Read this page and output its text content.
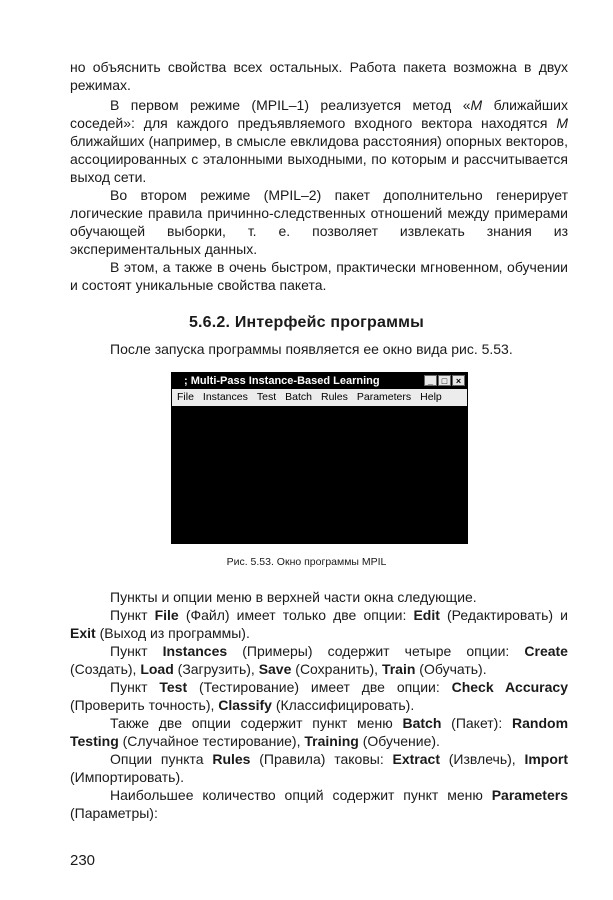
но объяснить свойства всех остальных. Работа пакета возможна в двух режимах.
В первом режиме (MPIL–1) реализуется метод «M ближайших соседей»: для каждого предъявляемого входного вектора находятся M ближайших (например, в смысле евклидова расстояния) опорных векторов, ассоциированных с эталонными выходными, по которым и рассчитывается выход сети.
Во втором режиме (MPIL–2) пакет дополнительно генерирует логические правила причинно-следственных отношений между примерами обучающей выборки, т. е. позволяет извлекать знания из экспериментальных данных.
В этом, а также в очень быстром, практически мгновенном, обучении и состоят уникальные свойства пакета.
5.6.2. Интерфейс программы
После запуска программы появляется ее окно вида рис. 5.53.
; Multi-Pass Instance-Based Learning	_ □ ×
File Instances Test Batch Rules Parameters Help
Рис. 5.53. Окно программы MPIL
Пункты и опции меню в верхней части окна следующие.
Пункт File (Файл) имеет только две опции: Edit (Редактировать) и Exit (Выход из программы).
Пункт Instances (Примеры) содержит четыре опции: Create (Создать), Load (Загрузить), Save (Сохранить), Train (Обучать).
Пункт Test (Тестирование) имеет две опции: Check Accuracy (Проверить точность), Classify (Классифицировать).
Также две опции содержит пункт меню Batch (Пакет): Random Testing (Случайное тестирование), Training (Обучение).
Опции пункта Rules (Правила) таковы: Extract (Извлечь), Import (Импортировать).
Наибольшее количество опций содержит пункт меню Parameters (Параметры):
230
